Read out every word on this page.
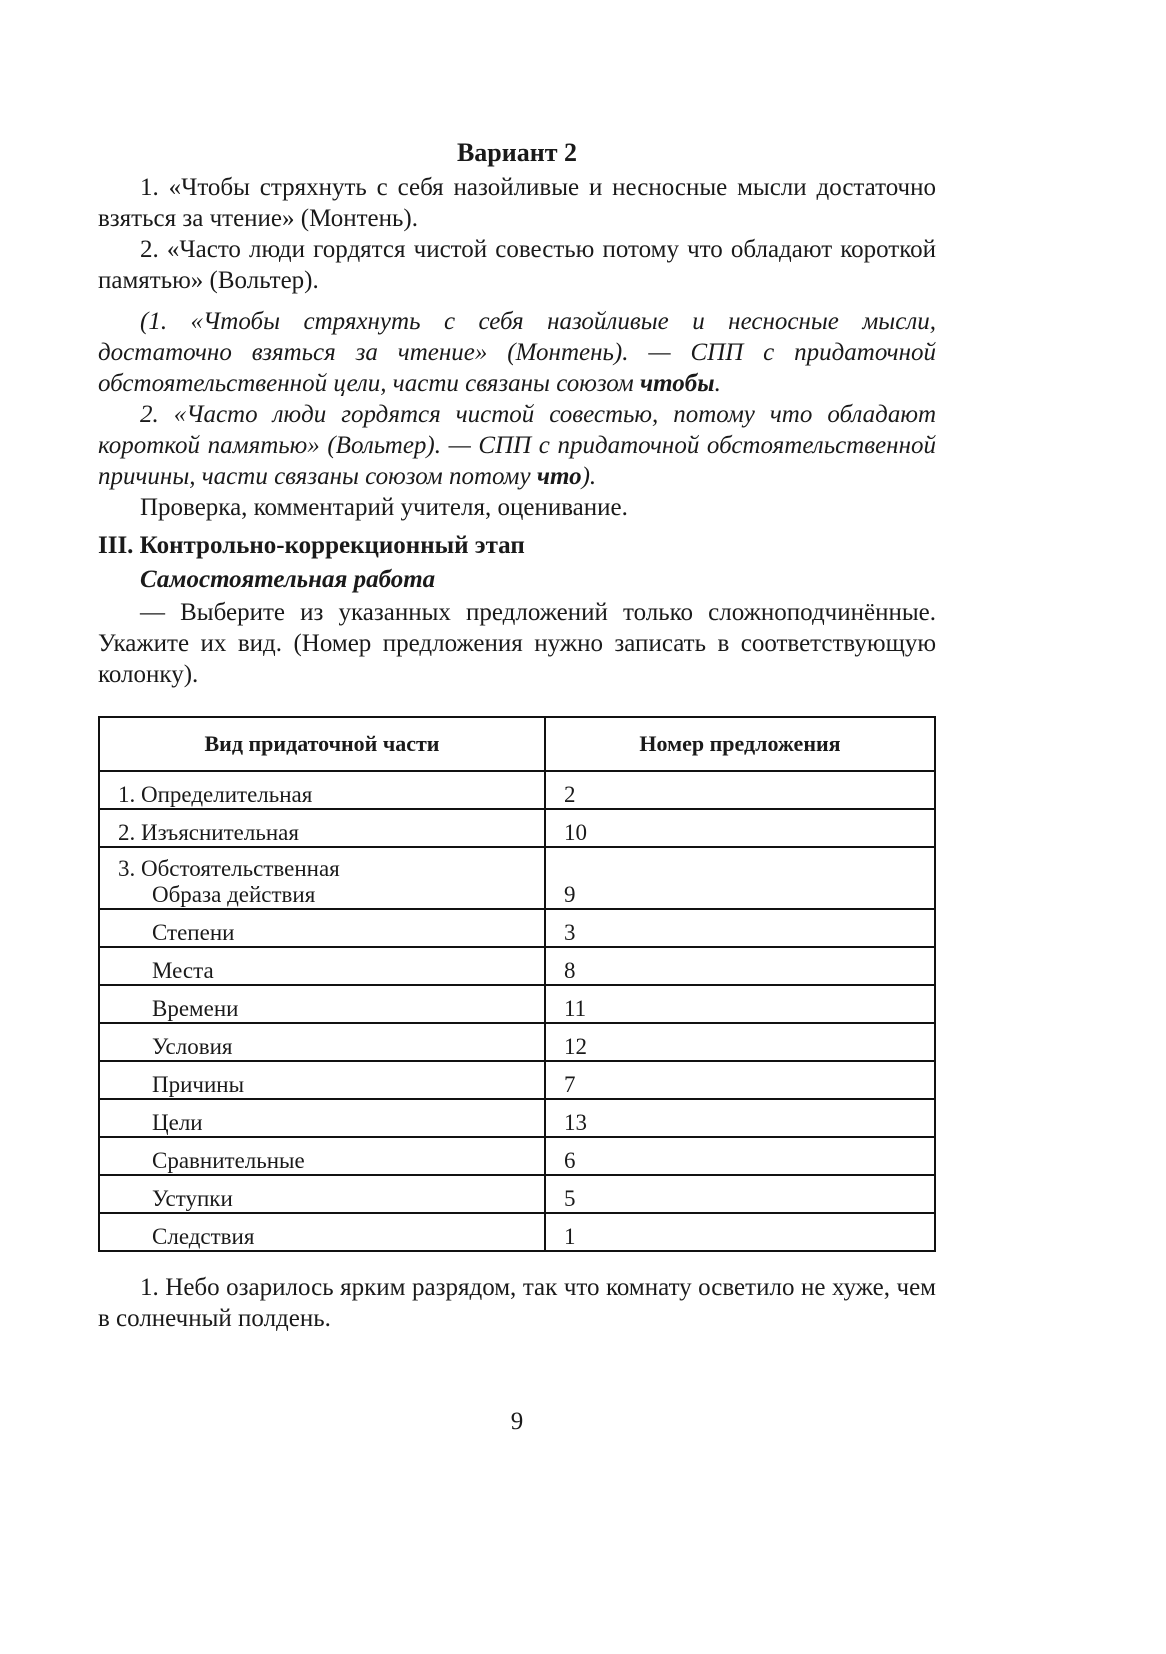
Вариант 2

1. «Чтобы стряхнуть с себя назойливые и несносные мысли достаточно взяться за чтение» (Монтень).

2. «Часто люди гордятся чистой совестью потому что обладают короткой памятью» (Вольтер).

(1. «Чтобы стряхнуть с себя назойливые и несносные мысли, достаточно взяться за чтение» (Монтень). — СПП с придаточной обстоятельственной цели, части связаны союзом чтобы.

2. «Часто люди гордятся чистой совестью, потому что обладают короткой памятью» (Вольтер). — СПП с придаточной обстоятельственной причины, части связаны союзом потому что).

Проверка, комментарий учителя, оценивание.

III. Контрольно-коррекционный этап
Самостоятельная работа

— Выберите из указанных предложений только сложноподчинённые. Укажите их вид. (Номер предложения нужно записать в соответствующую колонку).

Вид придаточной части	Номер предложения
1. Определительная	2
2. Изъяснительная	10

3. Обстоятельственная
Образа действия	9

Степени	3

Места	8

Времени	11

Условия	12

Причины	7

Цели	13

Сравнительные	6

Уступки	5

Следствия	1

1. Небо озарилось ярким разрядом, так что комнату осветило не хуже, чем в солнечный полдень.

9
